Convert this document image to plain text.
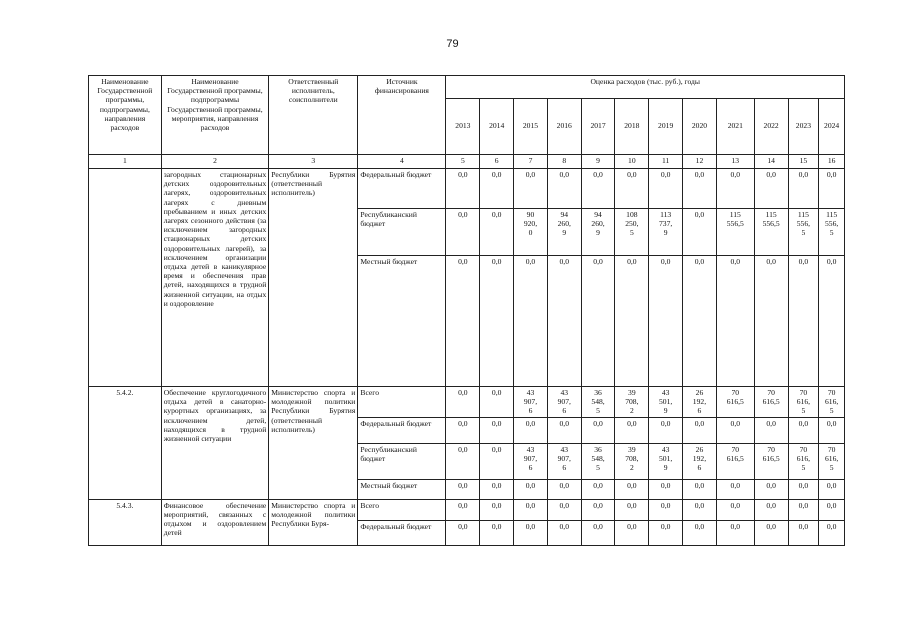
79
Наименование Государственной программы, подпрограммы, направления расходов	Наименование Государственной программы, подпрограммы Государственной программы, мероприятия, направления расходов	Ответственный исполнитель, соисполнители	Источник финансирования	Оценка расходов (тыс. руб.), годы											
				2013	2014	2015	2016	2017	2018	2019	2020	2021	2022	2023	2024
1	2	3	4	5	6	7	8	9	10	11	12	13	14	15	16
	загородных стационарных детских оздоровительных лагерях, оздоровительных лагерях с дневным пребыванием и иных детских лагерях сезонного действия (за исключением загородных стационарных детских оздоровительных лагерей), за исключением организации отдыха детей в каникулярное время и обеспечения прав детей, находящихся в трудной жизненной ситуации, на отдых и оздоровление	Республики Бурятия (ответственный исполнитель)	Федеральный бюджет	0,0	0,0	0,0	0,0	0,0	0,0	0,0	0,0	0,0	0,0	0,0	0,0
			Республиканский бюджет	0,0	0,0	90
920,
0	94
260,
9	94
260,
9	108
250,
5	113
737,
9	0,0	115
556,5	115
556,5	115
556,
5	115
556,
5
			Местный бюджет	0,0	0,0	0,0	0,0	0,0	0,0	0,0	0,0	0,0	0,0	0,0	0,0
5.4.2.	Обеспечение круглогодичного отдыха детей в санаторно-курортных организациях, за исключением детей, находящихся в трудной жизненной ситуации	Министерство спорта и молодежной политики Республики Бурятия (ответственный исполнитель)	Всего	0,0	0,0	43
907,
6	43
907,
6	36
548,
5	39
708,
2	43
501,
9	26
192,
6	70
616,5	70
616,5	70
616,
5	70
616,
5
			Федеральный бюджет	0,0	0,0	0,0	0,0	0,0	0,0	0,0	0,0	0,0	0,0	0,0	0,0
			Республиканский бюджет	0,0	0,0	43
907,
6	43
907,
6	36
548,
5	39
708,
2	43
501,
9	26
192,
6	70
616,5	70
616,5	70
616,
5	70
616,
5
			Местный бюджет	0,0	0,0	0,0	0,0	0,0	0,0	0,0	0,0	0,0	0,0	0,0	0,0
5.4.3.	Финансовое обеспечение мероприятий, связанных с отдыхом и оздоровлением детей	Министерство спорта и молодежной политики Республики Буря-	Всего	0,0	0,0	0,0	0,0	0,0	0,0	0,0	0,0	0,0	0,0	0,0	0,0
			Федеральный бюджет	0,0	0,0	0,0	0,0	0,0	0,0	0,0	0,0	0,0	0,0	0,0	0,0
